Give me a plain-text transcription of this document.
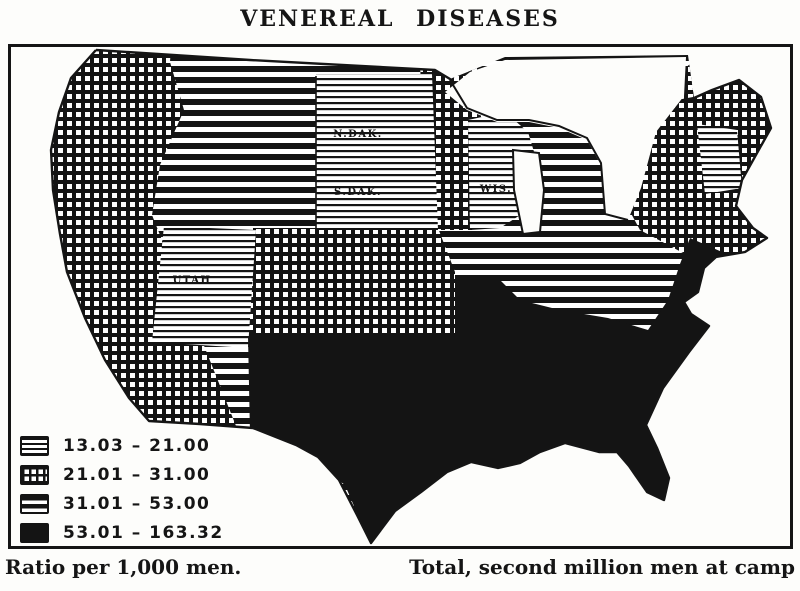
VENEREAL DISEASES
N.DAK.
S.DAK.	WIS.
UTAH
13.03 – 21.00
21.01 – 31.00
31.01 – 53.00
53.01 – 163.32
Ratio per 1,000 men.	Total, second million men at camp
